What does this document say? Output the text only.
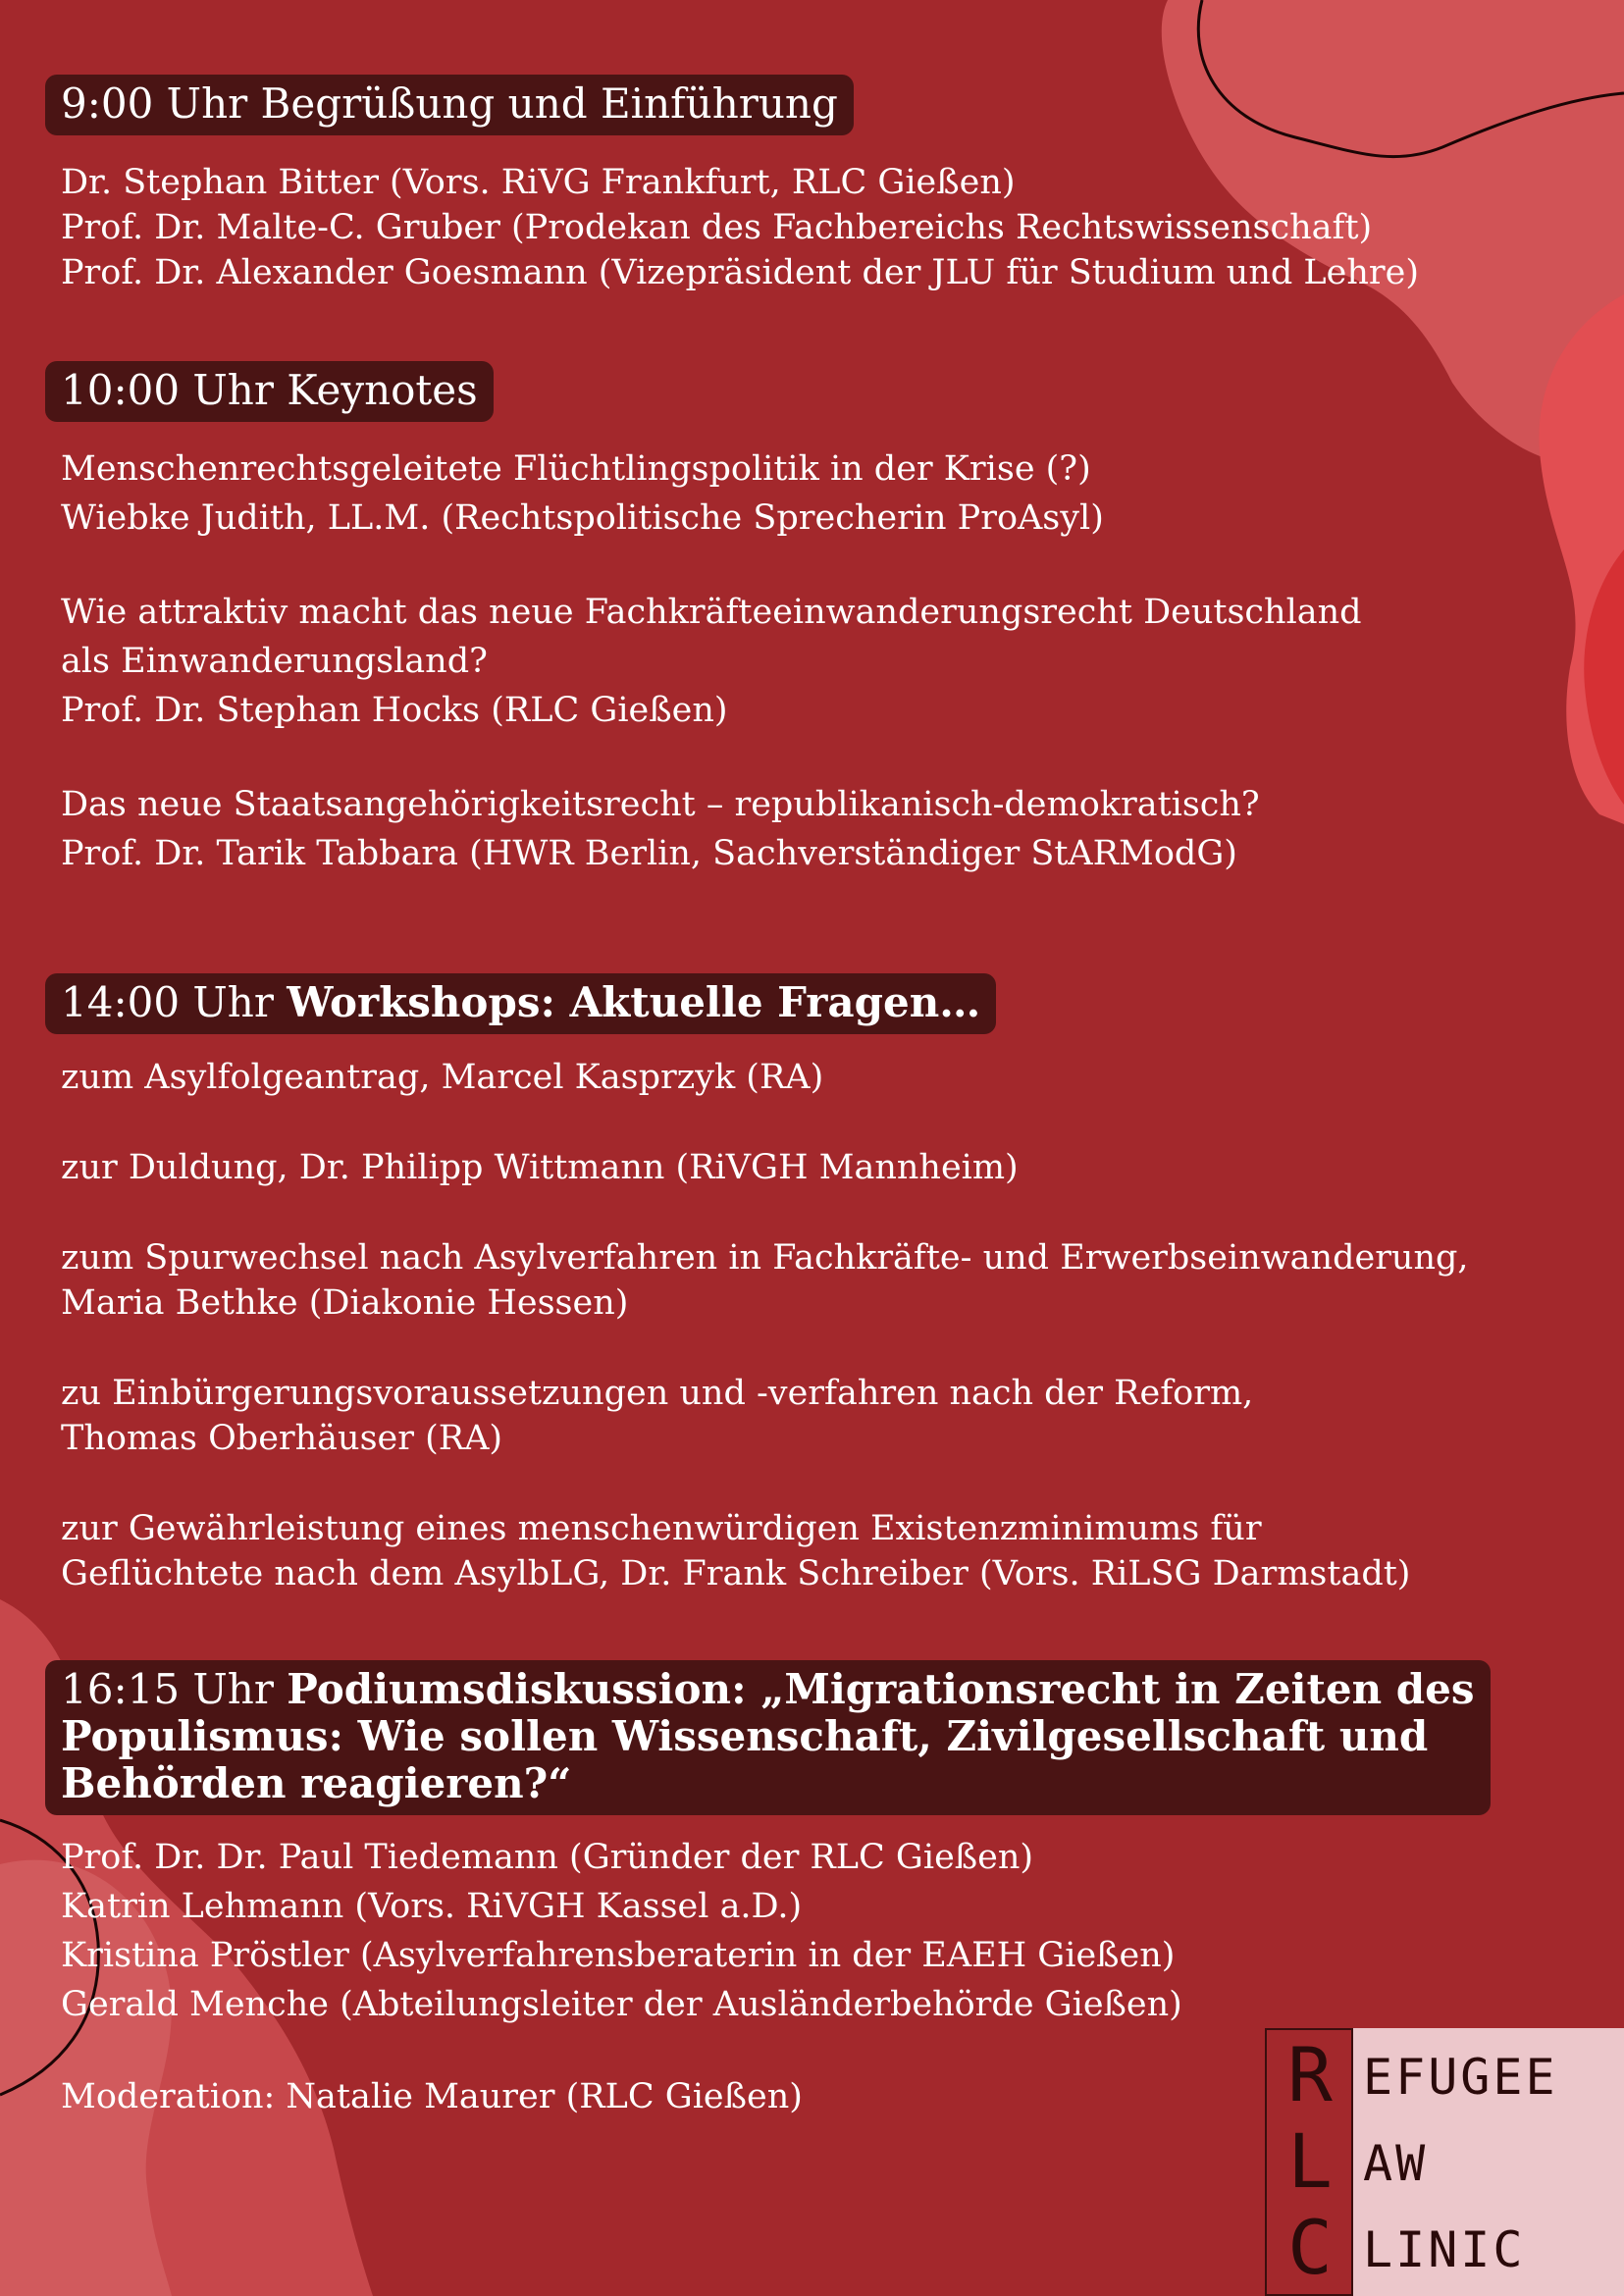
9:00 Uhr Begrüßung und Einführung
Dr. Stephan Bitter (Vors. RiVG Frankfurt, RLC Gießen)
Prof. Dr. Malte-C. Gruber (Prodekan des Fachbereichs Rechtswissenschaft)
Prof. Dr. Alexander Goesmann (Vizepräsident der JLU für Studium und Lehre)
10:00 Uhr Keynotes
Menschenrechtsgeleitete Flüchtlingspolitik in der Krise (?)
Wiebke Judith, LL.M. (Rechtspolitische Sprecherin ProAsyl)
Wie attraktiv macht das neue Fachkräfteeinwanderungsrecht Deutschland
als Einwanderungsland?
Prof. Dr. Stephan Hocks (RLC Gießen)
Das neue Staatsangehörigkeitsrecht – republikanisch-demokratisch?
Prof. Dr. Tarik Tabbara (HWR Berlin, Sachverständiger StARModG)
14:00 Uhr Workshops: Aktuelle Fragen…
zum Asylfolgeantrag, Marcel Kasprzyk (RA)
zur Duldung, Dr. Philipp Wittmann (RiVGH Mannheim)
zum Spurwechsel nach Asylverfahren in Fachkräfte- und Erwerbseinwanderung,
Maria Bethke (Diakonie Hessen)
zu Einbürgerungsvoraussetzungen und -verfahren nach der Reform,
Thomas Oberhäuser (RA)
zur Gewährleistung eines menschenwürdigen Existenzminimums für
Geflüchtete nach dem AsylbLG, Dr. Frank Schreiber (Vors. RiLSG Darmstadt)
16:15 Uhr Podiumsdiskussion: „Migrationsrecht in Zeiten des
Populismus: Wie sollen Wissenschaft, Zivilgesellschaft und
Behörden reagieren?“
Prof. Dr. Dr. Paul Tiedemann (Gründer der RLC Gießen)
Katrin Lehmann (Vors. RiVGH Kassel a.D.)
Kristina Pröstler (Asylverfahrensberaterin in der EAEH Gießen)
Gerald Menche (Abteilungsleiter der Ausländerbehörde Gießen)
Moderation: Natalie Maurer (RLC Gießen)	R
L
C
EFUGEE
AW
LINIC
